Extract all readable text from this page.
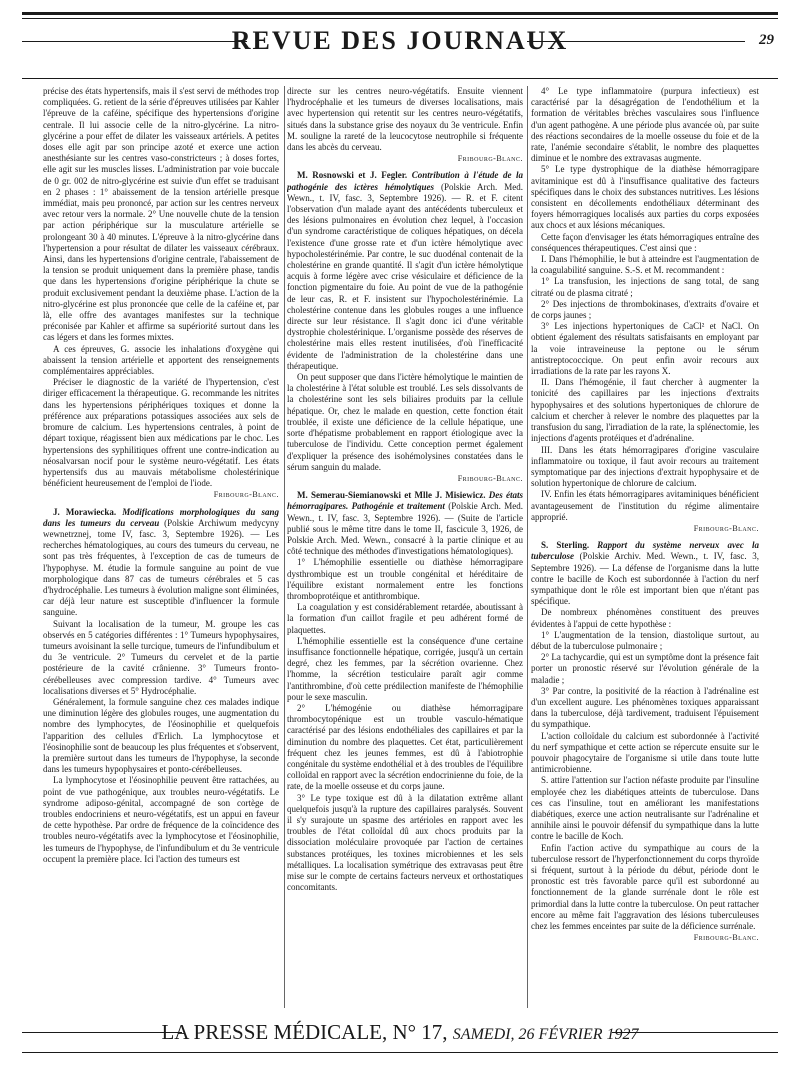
REVUE DES JOURNAUX	29

précise des états hypertensifs, mais il s'est servi de méthodes trop compliquées. G. retient de la série d'épreuves utilisées par Kahler l'épreuve de la caféine, spécifique des hypertensions d'origine centrale. Il lui associe celle de la nitro-glycérine. La nitro-glycérine a pour effet de dilater les vaisseaux artériels. A petites doses elle agit par son principe azoté et exerce une action anesthésiante sur les centres vaso-constricteurs ; à doses fortes, elle agit sur les muscles lisses. L'administration par voie buccale de 0 gr. 002 de nitro-glycérine est suivie d'un effet se traduisant en 2 phases : 1° abaissement de la tension artérielle presque immédiat, mais peu prononcé, par action sur les centres nerveux avec retour vers la normale. 2° Une nouvelle chute de la tension par action périphérique sur la musculature artérielle se prolongeant 30 à 40 minutes. L'épreuve à la nitro-glycérine dans l'hypertension a pour résultat de dilater les vaisseaux cérébraux. Ainsi, dans les hypertensions d'origine centrale, l'abaissement de la tension se produit uniquement dans la première phase, tandis que dans les hypertensions d'origine périphérique la chute se produit exclusivement pendant la deuxième phase. L'action de la nitro-glycérine est plus prononcée que celle de la caféine et, par là, elle offre des avantages manifestes sur la technique préconisée par Kahler et affirme sa supériorité surtout dans les cas légers et dans les formes mixtes.

A ces épreuves, G. associe les inhalations d'oxygène qui abaissent la tension artérielle et apportent des renseignements complémentaires appréciables.

Préciser le diagnostic de la variété de l'hypertension, c'est diriger efficacement la thérapeutique. G. recommande les nitrites dans les hypertensions périphériques toxiques et donne la préférence aux préparations potassiques associées aux sels de bromure de calcium. Les hypertensions centrales, à point de départ toxique, réagissent bien aux médications par le choc. Les hypertensions des syphilitiques offrent une contre-indication au néosalvarsan nocif pour le système neuro-végétatif. Les états hypertensifs dus au mauvais métabolisme cholestérinique bénéficient heureusement de l'emploi de l'iode.

Fribourg-Blanc.

J. Morawiecka. Modifications morphologiques du sang dans les tumeurs du cerveau (Polskie Archiwum medycyny wewnetrznej, tome IV, fasc. 3, Septembre 1926). — Les recherches hématologiques, au cours des tumeurs du cerveau, ne sont pas très fréquentes, à l'exception de cas de tumeurs de l'hypophyse. M. étudie la formule sanguine au point de vue morphologique dans 87 cas de tumeurs cérébrales et 5 cas d'hydrocéphalie. Les tumeurs à évolution maligne sont éliminées, car déjà leur nature est susceptible d'influencer la formule sanguine.

Suivant la localisation de la tumeur, M. groupe les cas observés en 5 catégories différentes : 1° Tumeurs hypophysaires, tumeurs avoisinant la selle turcique, tumeurs de l'infundibulum et du 3e ventricule. 2° Tumeurs du cervelet et de la partie postérieure de la cavité crânienne. 3° Tumeurs fronto-cérébelleuses avec compression tardive. 4° Tumeurs avec localisations diverses et 5° Hydrocéphalie.

Généralement, la formule sanguine chez ces malades indique une diminution légère des globules rouges, une augmentation du nombre des lymphocytes, de l'éosinophilie et quelquefois l'apparition des cellules d'Erlich. La lymphocytose et l'éosinophilie sont de beaucoup les plus fréquentes et s'observent, la première surtout dans les tumeurs de l'hypophyse, la seconde dans les tumeurs hypophysaires et ponto-cérébelleuses.

La lymphocytose et l'éosinophilie peuvent être rattachées, au point de vue pathogénique, aux troubles neuro-végétatifs. Le syndrome adiposo-génital, accompagné de son cortège de troubles endocriniens et neuro-végétatifs, est un appui en faveur de cette hypothèse. Par ordre de fréquence de la coïncidence des troubles neuro-végétatifs avec la lymphocytose et l'éosinophilie, les tumeurs de l'hypophyse, de l'infundibulum et du 3e ventricule occupent la première place. Ici l'action des tumeurs est

directe sur les centres neuro-végétatifs. Ensuite viennent l'hydrocéphalie et les tumeurs de diverses localisations, mais avec hypertension qui retentit sur les centres neuro-végétatifs, situés dans la substance grise des noyaux du 3e ventricule. Enfin M. souligne la rareté de la leucocytose neutrophile si fréquente dans les abcès du cerveau.

Fribourg-Blanc.

M. Rosnowski et J. Fegler. Contribution à l'étude de la pathogénie des ictères hémolytiques (Polskie Arch. Med. Wewn., t. IV, fasc. 3, Septembre 1926). — R. et F. citent l'observation d'un malade ayant des antécédents tuberculeux et des lésions pulmonaires en évolution chez lequel, à l'occasion d'un syndrome caractéristique de coliques hépatiques, on décela l'existence d'une grosse rate et d'un ictère hémolytique avec hypocholestérinémie. Par contre, le suc duodénal contenait de la cholestérine en grande quantité. Il s'agit d'un ictère hémolytique acquis à forme légère avec crise vésiculaire et déficience de la fonction pigmentaire du foie. Au point de vue de la pathogénie de leur cas, R. et F. insistent sur l'hypocholestérinémie. La cholestérine contenue dans les globules rouges a une influence directe sur leur résistance. Il s'agit donc ici d'une véritable dystrophie cholestérinique. L'organisme possède des réserves de cholestérine mais elles restent inutilisées, d'où l'inefficacité évidente de l'administration de la cholestérine dans une thérapeutique.

On peut supposer que dans l'ictère hémolytique le maintien de la cholestérine à l'état soluble est troublé. Les sels dissolvants de la cholestérine sont les sels biliaires produits par la cellule hépatique. Or, chez le malade en question, cette fonction était troublée, il existe une déficience de la cellule hépatique, une sorte d'hépatisme probablement en rapport étiologique avec la tuberculose de l'individu. Cette conception permet également d'expliquer la présence des isohémolysines constatées dans le sérum sanguin du malade.

Fribourg-Blanc.

M. Semerau-Siemianowski et Mlle J. Misiewicz. Des états hémorragipares. Pathogénie et traitement (Polskie Arch. Med. Wewn., t. IV, fasc. 3, Septembre 1926). — (Suite de l'article publié sous le même titre dans le tome II, fascicule 3, 1926, de Polskie Arch. Med. Wewn., consacré à la partie clinique et au côté technique des méthodes d'investigations hématologiques).

1° L'hémophilie essentielle ou diathèse hémorragipare dysthrombique est un trouble congénital et héréditaire de l'équilibre existant normalement entre les fonctions thromboprotéique et antithrombique.

La coagulation y est considérablement retardée, aboutissant à la formation d'un caillot fragile et peu adhérent formé de plaquettes.

L'hémophilie essentielle est la conséquence d'une certaine insuffisance fonctionnelle hépatique, corrigée, jusqu'à un certain degré, chez les femmes, par la sécrétion ovarienne. Chez l'homme, la sécrétion testiculaire paraît agir comme l'antithrombine, d'où cette prédilection manifeste de l'hémophilie pour le sexe masculin.

2° L'hémogénie ou diathèse hémorragipare thrombocytopénique est un trouble vasculo-hématique caractérisé par des lésions endothéliales des capillaires et par la diminution du nombre des plaquettes. Cet état, particulièrement fréquent chez les jeunes femmes, est dû à l'abiotrophie congénitale du système endothélial et à des troubles de l'équilibre colloïdal en rapport avec la sécrétion endocrinienne du foie, de la rate, de la moelle osseuse et du corps jaune.

3° Le type toxique est dû à la dilatation extrême allant quelquefois jusqu'à la rupture des capillaires paralysés. Souvent il s'y surajoute un spasme des artérioles en rapport avec les troubles de l'état colloïdal dû aux chocs produits par la dissociation moléculaire provoquée par l'action de certaines substances protéiques, les toxines microbiennes et les sels métalliques. La localisation symétrique des extravasas peut être mise sur le compte de certains facteurs nerveux et orthostatiques concomitants.

4° Le type inflammatoire (purpura infectieux) est caractérisé par la désagrégation de l'endothélium et la formation de véritables brèches vasculaires sous l'influence d'un agent pathogène. A une période plus avancée où, par suite des réactions secondaires de la moelle osseuse du foie et de la rate, l'anémie secondaire s'établit, le nombre des plaquettes diminue et le nombre des extravasas augmente.

5° Le type dystrophique de la diathèse hémorragipare avitaminique est dû à l'insuffisance qualitative des facteurs spécifiques dans le choix des substances nutritives. Les lésions consistent en décollements endothéliaux déterminant des foyers hémorragiques localisés aux parties du corps exposées aux chocs et aux lésions mécaniques.

Cette façon d'envisager les états hémorragiques entraîne des conséquences thérapeutiques. C'est ainsi que :

I. Dans l'hémophilie, le but à atteindre est l'augmentation de la coagulabilité sanguine. S.-S. et M. recommandent :

1° La transfusion, les injections de sang total, de sang citraté ou de plasma citraté ;

2° Des injections de thrombokinases, d'extraits d'ovaire et de corps jaunes ;

3° Les injections hypertoniques de CaCl² et NaCl. On obtient également des résultats satisfaisants en employant par la voie intraveineuse la peptone ou le sérum antistreptococcique. On peut enfin avoir recours aux irradiations de la rate par les rayons X.

II. Dans l'hémogénie, il faut chercher à augmenter la tonicité des capillaires par les injections d'extraits hypophysaires et des solutions hypertoniques de chlorure de calcium et chercher à relever le nombre des plaquettes par la transfusion du sang, l'irradiation de la rate, la splénectomie, les injections d'agents protéiques et d'adrénaline.

III. Dans les états hémorragipares d'origine vasculaire inflammatoire ou toxique, il faut avoir recours au traitement symptomatique par des injections d'extrait hypophysaire et de solution hypertonique de chlorure de calcium.

IV. Enfin les états hémorragipares avitaminiques bénéficient avantageusement de l'institution du régime alimentaire approprié.

Fribourg-Blanc.

S. Sterling. Rapport du système nerveux avec la tuberculose (Polskie Archiv. Med. Wewn., t. IV, fasc. 3, Septembre 1926). — La défense de l'organisme dans la lutte contre le bacille de Koch est subordonnée à l'action du nerf sympathique dont le rôle est important bien que n'étant pas spécifique.

De nombreux phénomènes constituent des preuves évidentes à l'appui de cette hypothèse :

1° L'augmentation de la tension, diastolique surtout, au début de la tuberculose pulmonaire ;

2° La tachycardie, qui est un symptôme dont la présence fait porter un pronostic réservé sur l'évolution générale de la maladie ;

3° Par contre, la positivité de la réaction à l'adrénaline est d'un excellent augure. Les phénomènes toxiques apparaissant dans la tuberculose, déjà tardivement, traduisent l'épuisement du sympathique.

L'action colloïdale du calcium est subordonnée à l'activité du nerf sympathique et cette action se répercute ensuite sur le pouvoir phagocytaire de l'organisme si utile dans toute lutte antimicrobienne.

S. attire l'attention sur l'action néfaste produite par l'insuline employée chez les diabétiques atteints de tuberculose. Dans ces cas l'insuline, tout en améliorant les manifestations diabétiques, exerce une action neutralisante sur l'adrénaline et annihile ainsi le pouvoir défensif du sympathique dans la lutte contre le bacille de Koch.

Enfin l'action active du sympathique au cours de la tuberculose ressort de l'hyperfonctionnement du corps thyroïde si fréquent, surtout à la période du début, période dont le pronostic est très favorable parce qu'il est subordonné au fonctionnement de la glande surrénale dont le rôle est primordial dans la lutte contre la tuberculose. On peut rattacher encore au même fait l'aggravation des lésions tuberculeuses chez les femmes enceintes par suite de la déficience surrénale.

Fribourg-Blanc.
LA PRESSE MÉDICALE, N° 17, SAMEDI, 26 FÉVRIER 1927
